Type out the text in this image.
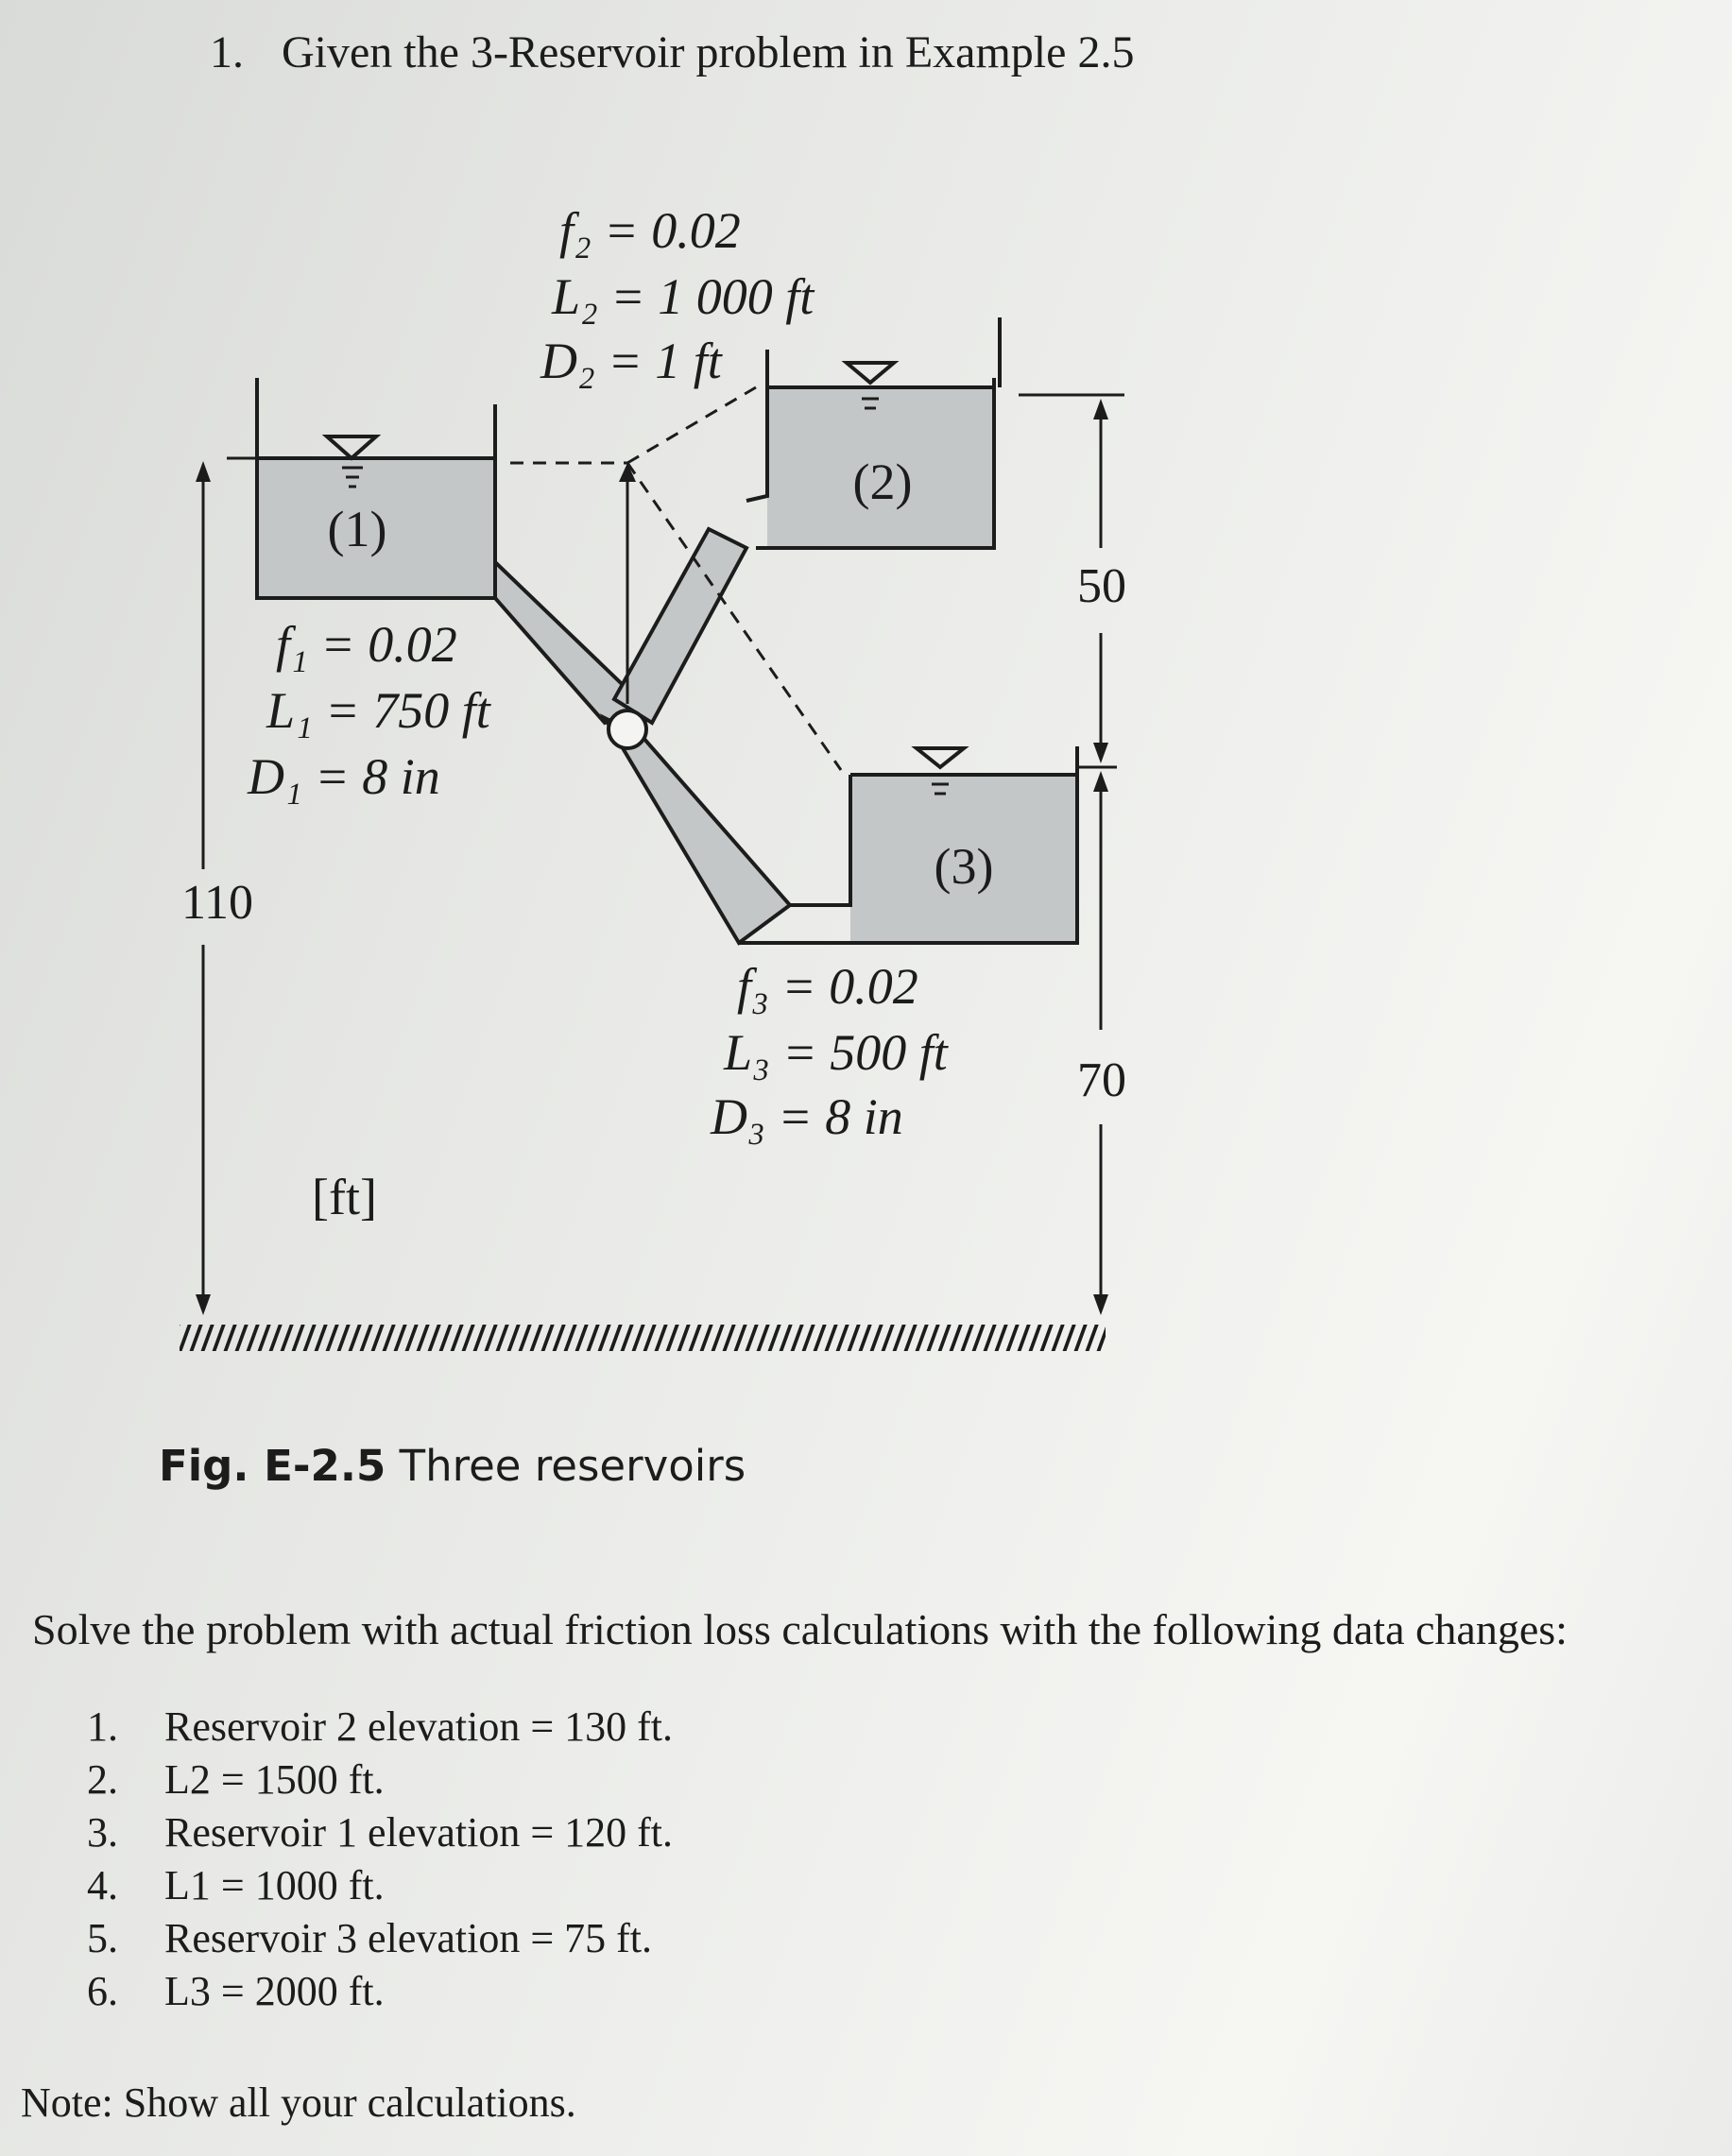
1. Given the 3-Reservoir problem in Example 2.5
(1)
(2)
(3)
110
50
70
f₂ = 0.02
L₂ = 1 000 ft
D₂ = 1 ft
f₁ = 0.02
L₁ = 750 ft
D₁ = 8 in
f₃ = 0.02
L₃ = 500 ft
D₃ = 8 in
[ft]
Fig. E-2.5 Three reservoirs
Solve the problem with actual friction loss calculations with the following data changes:
1. Reservoir 2 elevation = 130 ft.
2. L2 = 1500 ft.
3. Reservoir 1 elevation = 120 ft.
4. L1 = 1000 ft.
5. Reservoir 3 elevation = 75 ft.
6. L3 = 2000 ft.
Note: Show all your calculations.
